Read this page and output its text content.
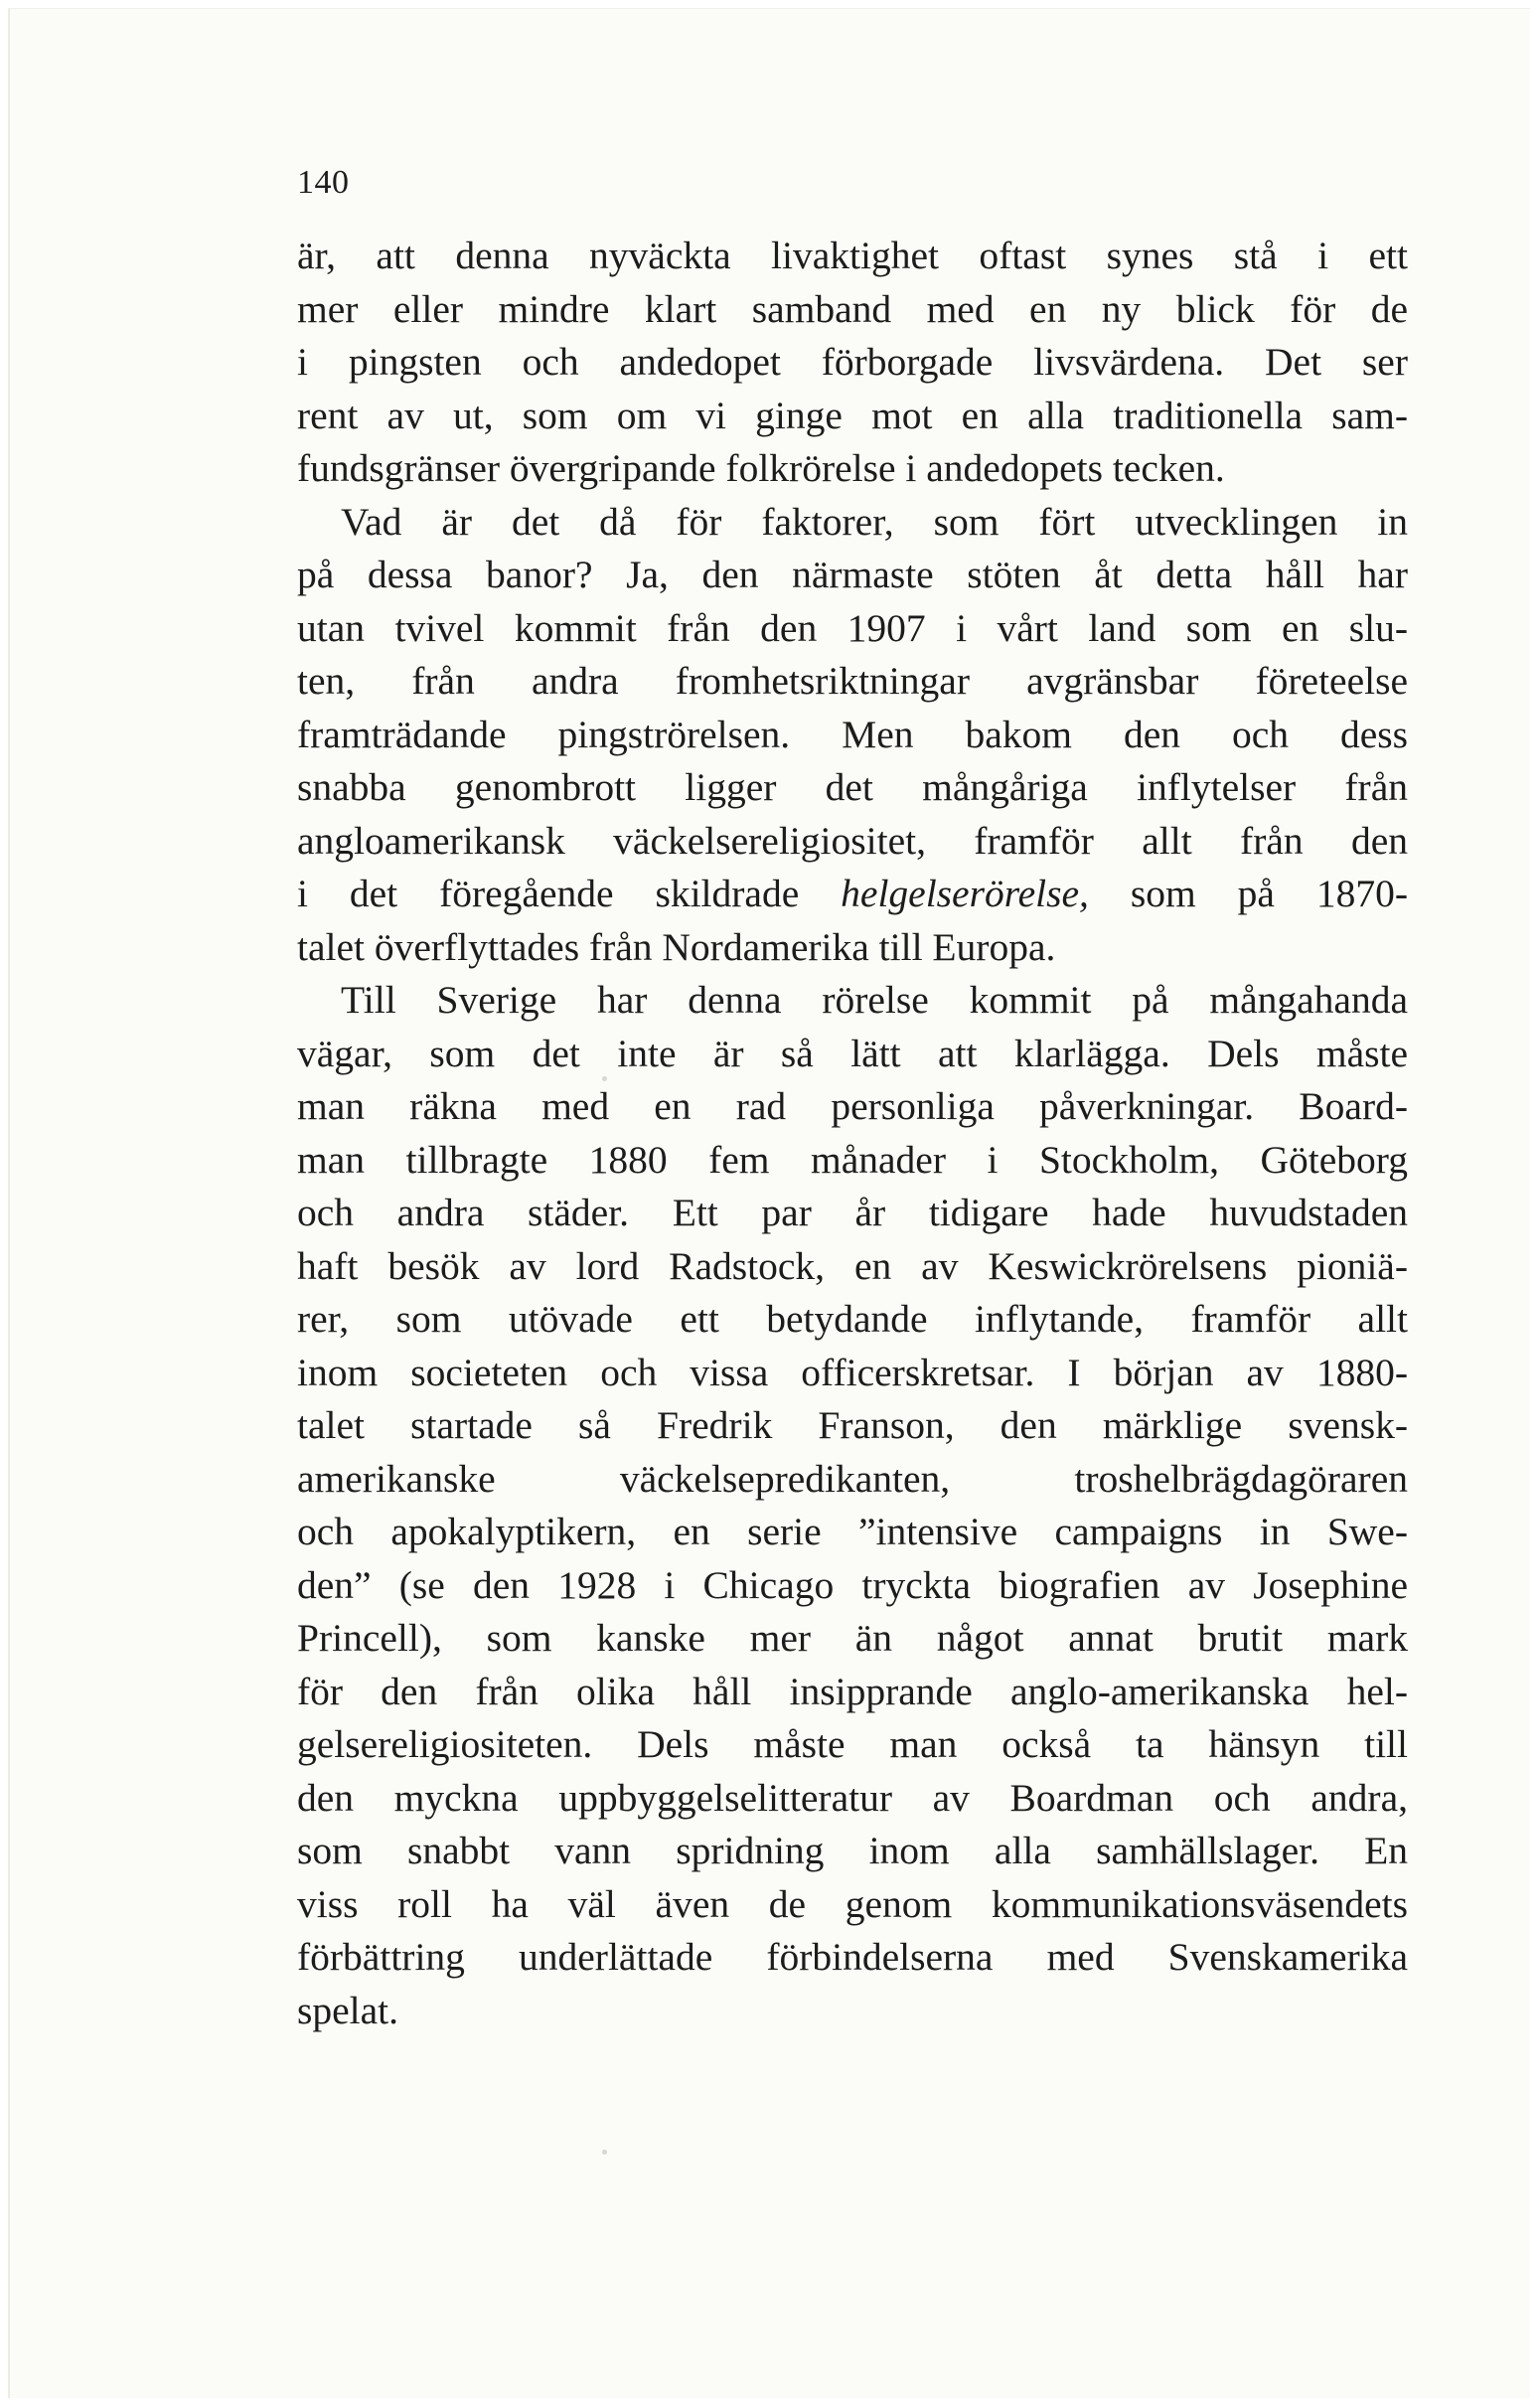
140
är, att denna nyväckta livaktighet oftast synes stå i ett
mer eller mindre klart samband med en ny blick för de
i pingsten och andedopet förborgade livsvärdena. Det ser
rent av ut, som om vi ginge mot en alla traditionella sam-
fundsgränser övergripande folkrörelse i andedopets tecken.
Vad är det då för faktorer, som fört utvecklingen in
på dessa banor? Ja, den närmaste stöten åt detta håll har
utan tvivel kommit från den 1907 i vårt land som en slu-
ten, från andra fromhetsriktningar avgränsbar företeelse
framträdande pingströrelsen. Men bakom den och dess
snabba genombrott ligger det mångåriga inflytelser från
angloamerikansk väckelsereligiositet, framför allt från den
i det föregående skildrade helgelserörelse, som på 1870-
talet överflyttades från Nordamerika till Europa.
Till Sverige har denna rörelse kommit på mångahanda
vägar, som det inte är så lätt att klarlägga. Dels måste
man räkna med en rad personliga påverkningar. Board-
man tillbragte 1880 fem månader i Stockholm, Göteborg
och andra städer. Ett par år tidigare hade huvudstaden
haft besök av lord Radstock, en av Keswickrörelsens pioniä-
rer, som utövade ett betydande inflytande, framför allt
inom societeten och vissa officerskretsar. I början av 1880-
talet startade så Fredrik Franson, den märklige svensk-
amerikanske väckelsepredikanten, troshelbrägdagöraren
och apokalyptikern, en serie ”intensive campaigns in Swe-
den” (se den 1928 i Chicago tryckta biografien av Josephine
Princell), som kanske mer än något annat brutit mark
för den från olika håll insipprande anglo-amerikanska hel-
gelsereligiositeten. Dels måste man också ta hänsyn till
den myckna uppbyggelselitteratur av Boardman och andra,
som snabbt vann spridning inom alla samhällslager. En
viss roll ha väl även de genom kommunikationsväsendets
förbättring underlättade förbindelserna med Svenskamerika
spelat.
